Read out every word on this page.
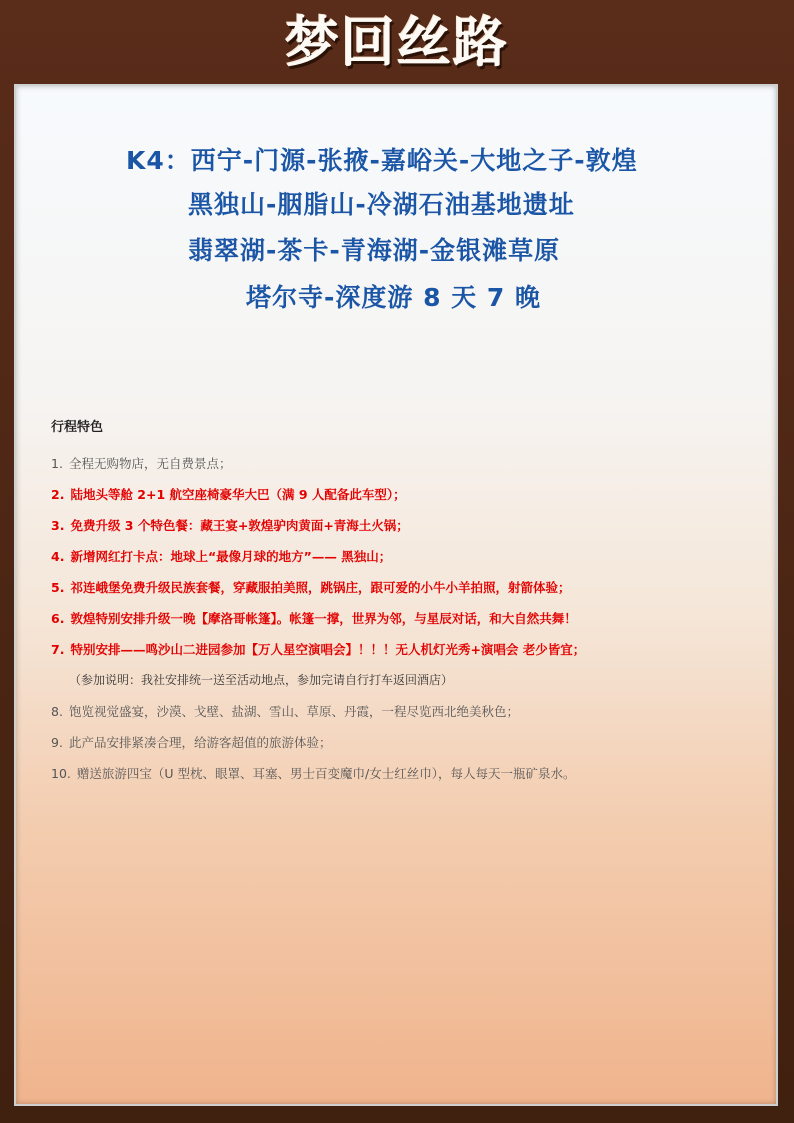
梦回丝路
K4：西宁-门源-张掖-嘉峪关-大地之子-敦煌
黑独山-胭脂山-冷湖石油基地遗址
翡翠湖-茶卡-青海湖-金银滩草原
塔尔寺-深度游 8 天 7 晚
行程特色
1. 全程无购物店，无自费景点；
2. 陆地头等舱 2+1 航空座椅豪华大巴（满 9 人配备此车型）；
3. 免费升级 3 个特色餐：藏王宴+敦煌驴肉黄面+青海土火锅；
4. 新增网红打卡点：地球上“最像月球的地方”—— 黑独山；
5. 祁连峨堡免费升级民族套餐，穿藏服拍美照，跳锅庄，跟可爱的小牛小羊拍照，射箭体验；
6. 敦煌特别安排升级一晚【摩洛哥帐篷】。帐篷一撑，世界为邻，与星辰对话，和大自然共舞！
7. 特别安排——鸣沙山二进园参加【万人星空演唱会】！！！无人机灯光秀+演唱会 老少皆宜；
（参加说明：我社安排统一送至活动地点，参加完请自行打车返回酒店）
8. 饱览视觉盛宴，沙漠、戈壁、盐湖、雪山、草原、丹霞，一程尽览西北绝美秋色；
9. 此产品安排紧凑合理，给游客超值的旅游体验；
10. 赠送旅游四宝（U 型枕、眼罩、耳塞、男士百变魔巾/女士红丝巾），每人每天一瓶矿泉水。
